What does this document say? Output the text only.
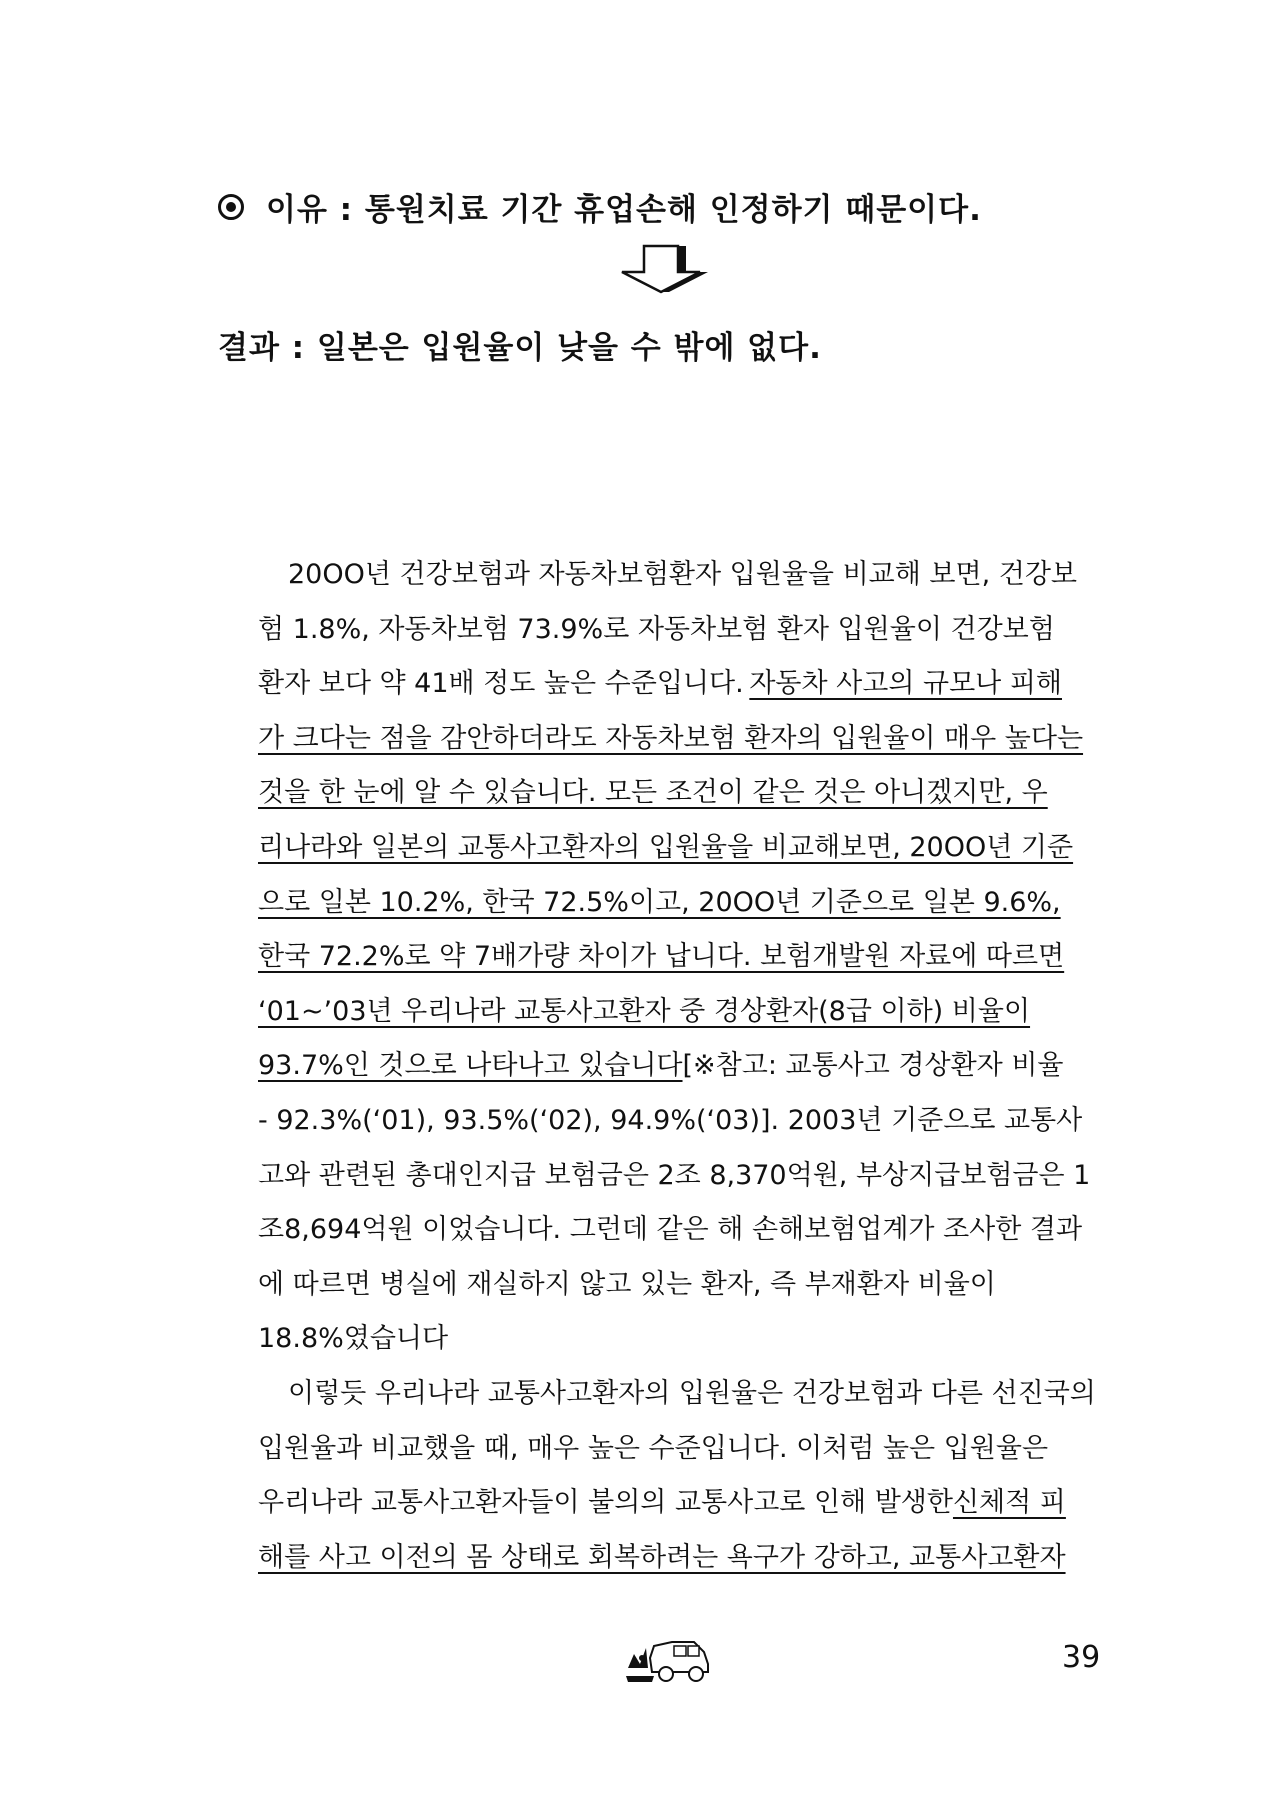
이유 : 통원치료 기간 휴업손해 인정하기 때문이다.
결과 : 일본은 입원율이 낮을 수 밖에 없다.
20OO년 건강보험과 자동차보험환자 입원율을 비교해 보면, 건강보
험 1.8%, 자동차보험 73.9%로 자동차보험 환자 입원율이 건강보험
환자 보다 약 41배 정도 높은 수준입니다. 자동차 사고의 규모나 피해
가 크다는 점을 감안하더라도 자동차보험 환자의 입원율이 매우 높다는
것을 한 눈에 알 수 있습니다. 모든 조건이 같은 것은 아니겠지만, 우
리나라와 일본의 교통사고환자의 입원율을 비교해보면, 20OO년 기준
으로 일본 10.2%, 한국 72.5%이고, 20OO년 기준으로 일본 9.6%,
한국 72.2%로 약 7배가량 차이가 납니다. 보험개발원 자료에 따르면
‘01~’03년 우리나라 교통사고환자 중 경상환자(8급 이하) 비율이
93.7%인 것으로 나타나고 있습니다 [※참고: 교통사고 경상환자 비율
- 92.3%(‘01), 93.5%(‘02), 94.9%(‘03)]. 2003년 기준으로 교통사
고와 관련된 총대인지급 보험금은 2조 8,370억원, 부상지급보험금은 1
조8,694억원 이었습니다. 그런데 같은 해 손해보험업계가 조사한 결과
에 따르면 병실에 재실하지 않고 있는 환자, 즉 부재환자 비율이
18.8%였습니다
이렇듯 우리나라 교통사고환자의 입원율은 건강보험과 다른 선진국의
입원율과 비교했을 때, 매우 높은 수준입니다. 이처럼 높은 입원율은
우리나라 교통사고환자들이 불의의 교통사고로 인해 발생한 신체적 피
해를 사고 이전의 몸 상태로 회복하려는 욕구가 강하고, 교통사고환자
39
